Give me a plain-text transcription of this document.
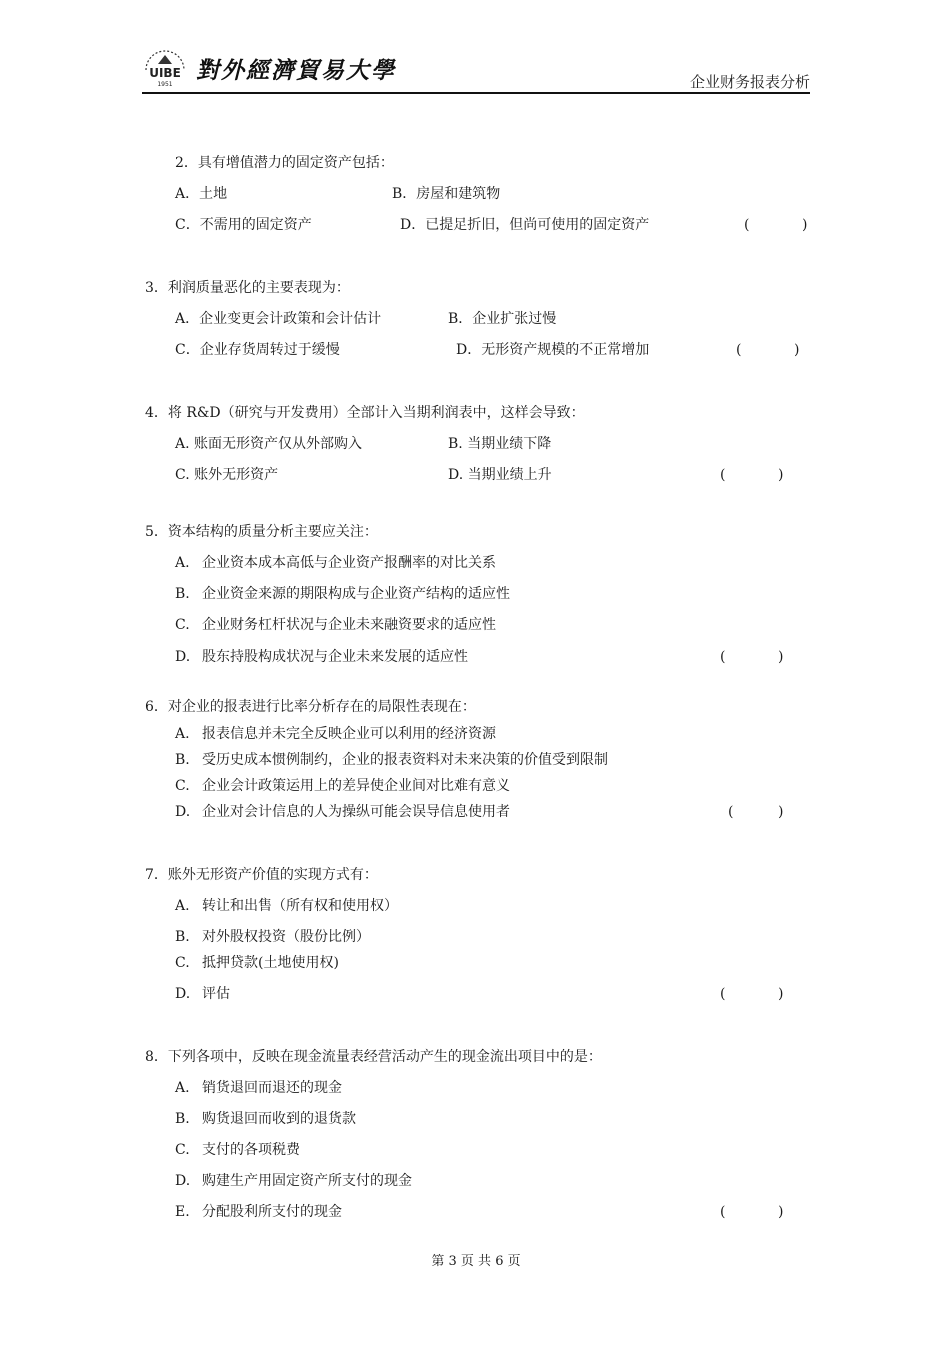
UIBE
1951
對外經濟貿易大學	企业财务报表分析
2．具有增值潜力的固定资产包括：
A．土地	B．房屋和建筑物
C．不需用的固定资产	D．已提足折旧，但尚可使用的固定资产	(	)
3．利润质量恶化的主要表现为：
A．企业变更会计政策和会计估计	B．企业扩张过慢
C．企业存货周转过于缓慢	D．无形资产规模的不正常增加	(	)
4．将 R&D（研究与开发费用）全部计入当期利润表中，这样会导致：
A. 账面无形资产仅从外部购入	B. 当期业绩下降
C. 账外无形资产	D. 当期业绩上升	(	)
5．资本结构的质量分析主要应关注：
A. 企业资本成本高低与企业资产报酬率的对比关系
B. 企业资金来源的期限构成与企业资产结构的适应性
C. 企业财务杠杆状况与企业未来融资要求的适应性
D. 股东持股构成状况与企业未来发展的适应性	(	)
6．对企业的报表进行比率分析存在的局限性表现在：
A. 报表信息并未完全反映企业可以利用的经济资源
B. 受历史成本惯例制约，企业的报表资料对未来决策的价值受到限制
C. 企业会计政策运用上的差异使企业间对比难有意义
D. 企业对会计信息的人为操纵可能会误导信息使用者	(	)
7．账外无形资产价值的实现方式有：
A. 转让和出售（所有权和使用权）
B. 对外股权投资（股份比例）
C. 抵押贷款(土地使用权)
D. 评估	(	)
8．下列各项中，反映在现金流量表经营活动产生的现金流出项目中的是：
A. 销货退回而退还的现金
B. 购货退回而收到的退货款
C. 支付的各项税费
D. 购建生产用固定资产所支付的现金
E. 分配股利所支付的现金	(	)
第 3 页 共 6 页
